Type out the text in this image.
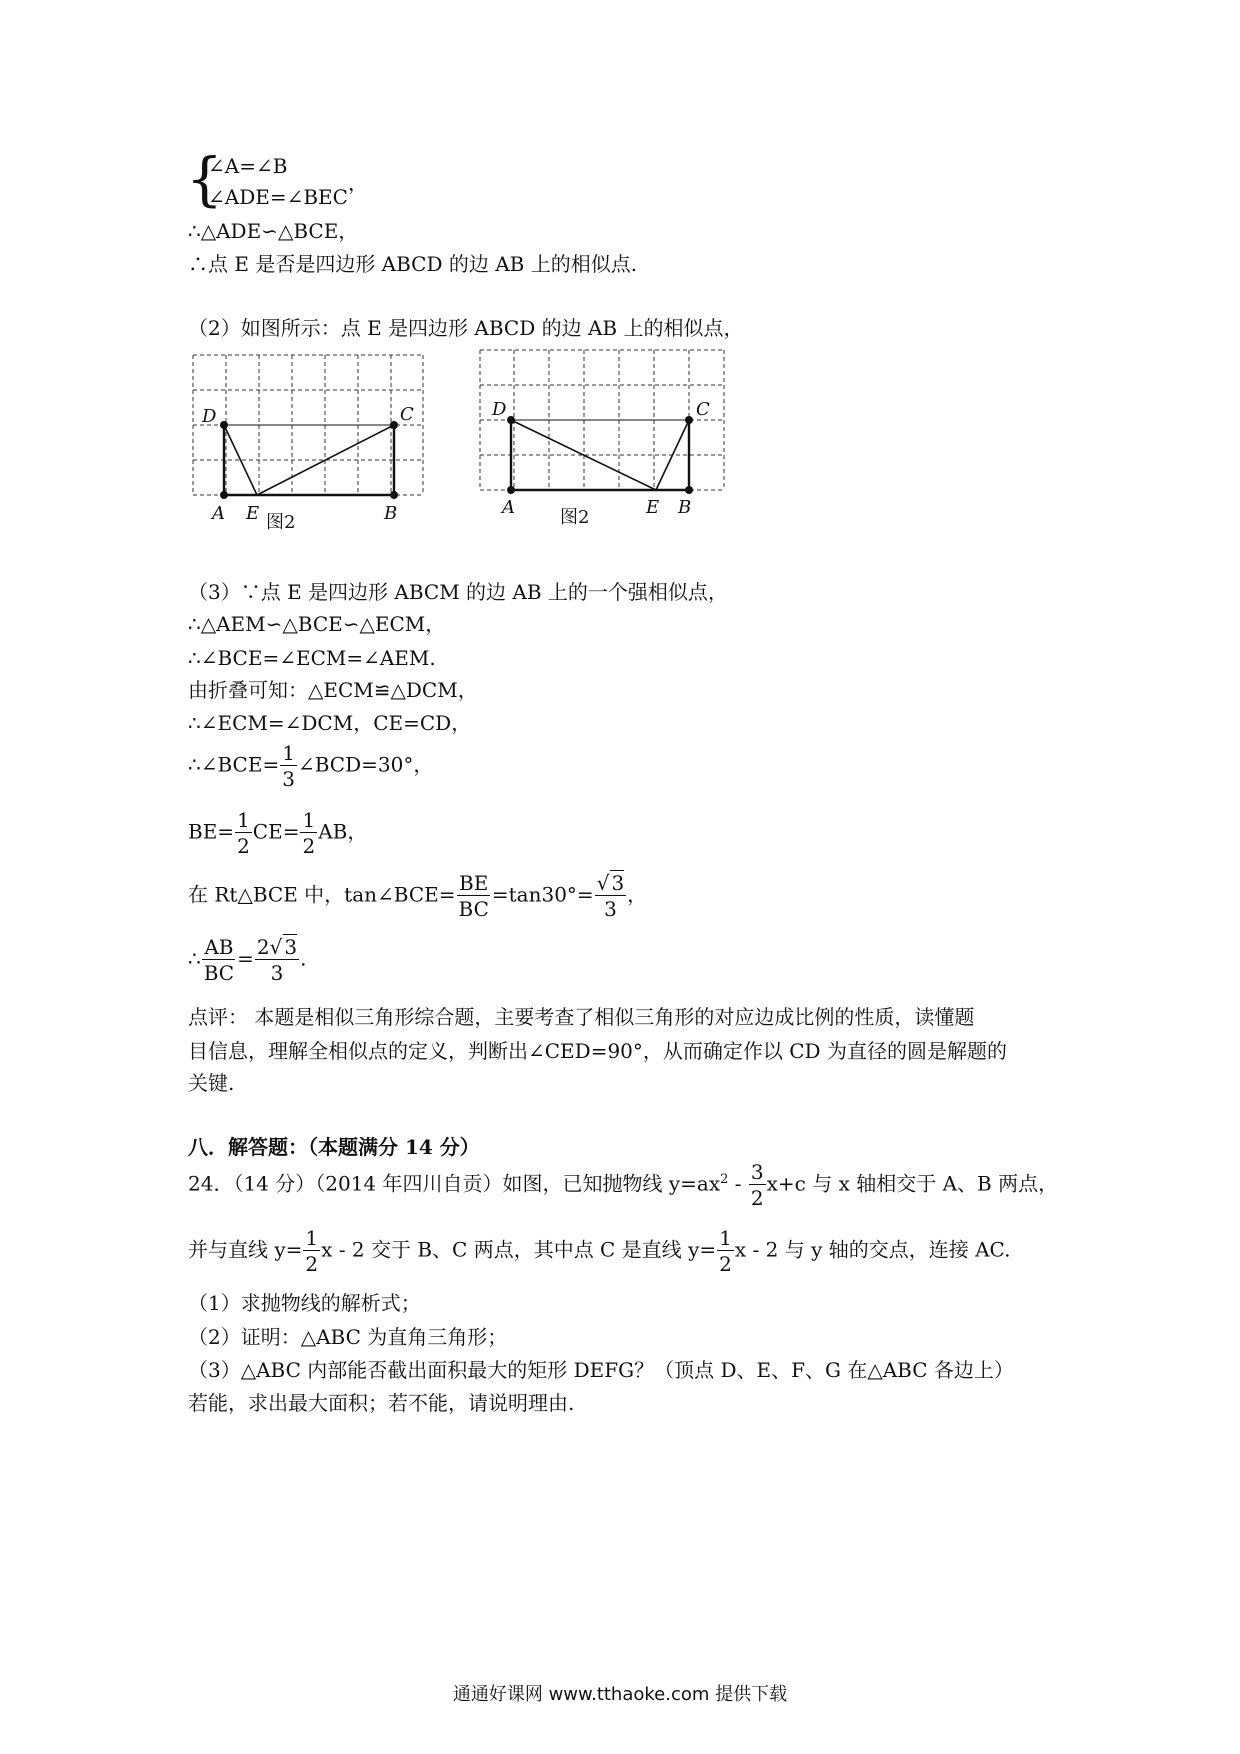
{
∠A=∠B
∠ADE=∠BEC，
∴△ADE∽△BCE，
∴点 E 是否是四边形 ABCD 的边 AB 上的相似点.
（2）如图所示：点 E 是四边形 ABCD 的边 AB 上的相似点，
D	C
A E	B
图2
D	C
A	E B
图2
（3）∵点 E 是四边形 ABCM 的边 AB 上的一个强相似点，
∴△AEM∽△BCE∽△ECM，
∴∠BCE=∠ECM=∠AEM.
由折叠可知：△ECM≌△DCM，
∴∠ECM=∠DCM，CE=CD，
∴∠BCE= $\frac{1}{3}$ ∠BCD=30°，
$BE= \frac{1}{2} CE= \frac{1}{2}$ AB，
在 Rt△BCE 中，tan∠BCE= $\frac{BE}{BC} =\tan 30^\circ= \frac{√ 3}{3}$ ，
∴ $\frac{AB}{BC} = \frac{2√ 3}{3}$ .
点评： 本题是相似三角形综合题，主要考查了相似三角形的对应边成比例的性质，读懂题
目信息，理解全相似点的定义，判断出∠CED=90°，从而确定作以 CD 为直径的圆是解题的
关键.
八．解答题：（本题满分 14 分）
24．（14 分）（2014 年四川自贡）如图，已知抛物线 $y=ax^2 - \frac{3}{2} x+c$ 与 x 轴相交于 A、B 两点，
并与直线 $y= \frac{1}{2}$ x - 2 交于 B、C 两点，其中点 C 是直线 $y= \frac{1}{2}$ x - 2 与 y 轴的交点，连接 AC.
（1）求抛物线的解析式；
（2）证明：△ABC 为直角三角形；
（3）△ABC 内部能否截出面积最大的矩形 DEFG？（顶点 D、E、F、G 在△ABC 各边上）
若能，求出最大面积；若不能，请说明理由.
通通好课网 www.tthaoke.com 提供下载
